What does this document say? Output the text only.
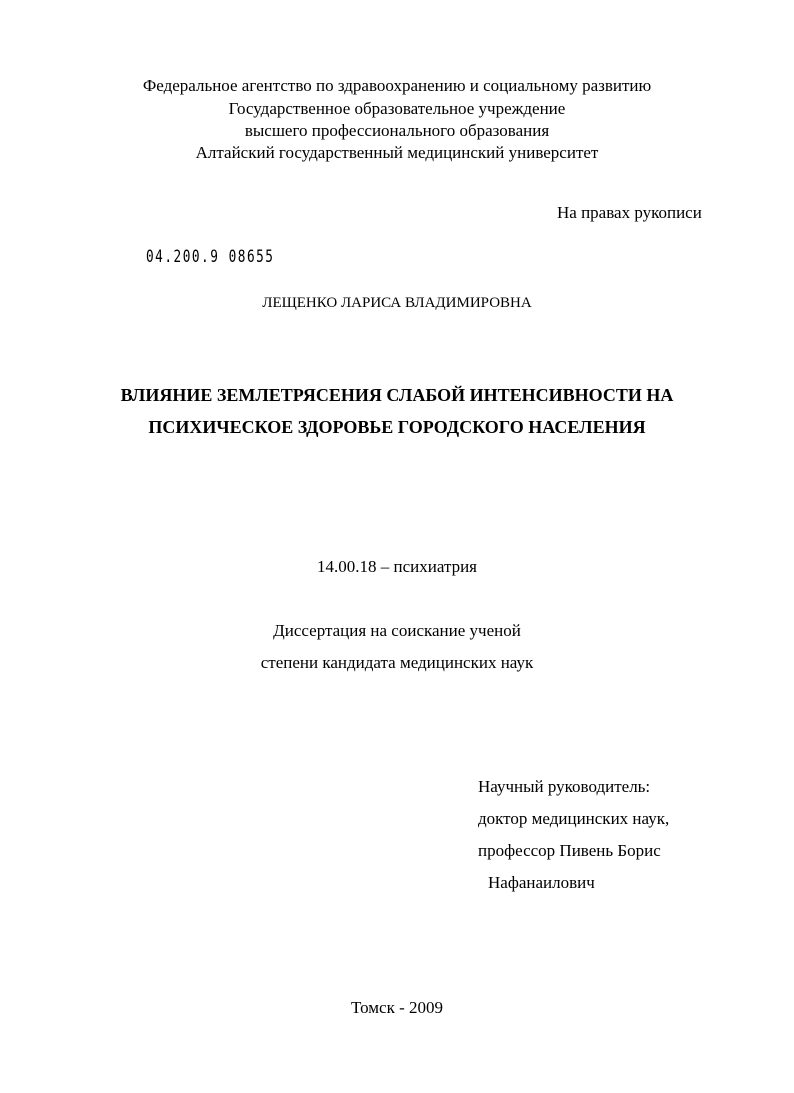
Федеральное агентство по здравоохранению и социальному развитию
Государственное образовательное учреждение
высшего профессионального образования
Алтайский государственный медицинский университет
На правах рукописи
04.200.9 08655
ЛЕЩЕНКО ЛАРИСА ВЛАДИМИРОВНА
ВЛИЯНИЕ ЗЕМЛЕТРЯСЕНИЯ СЛАБОЙ ИНТЕНСИВНОСТИ НА
ПСИХИЧЕСКОЕ ЗДОРОВЬЕ ГОРОДСКОГО НАСЕЛЕНИЯ
14.00.18 – психиатрия
Диссертация на соискание ученой
степени кандидата медицинских наук
Научный руководитель:
доктор медицинских наук,
профессор Пивень Борис
Нафанаилович
Томск - 2009
